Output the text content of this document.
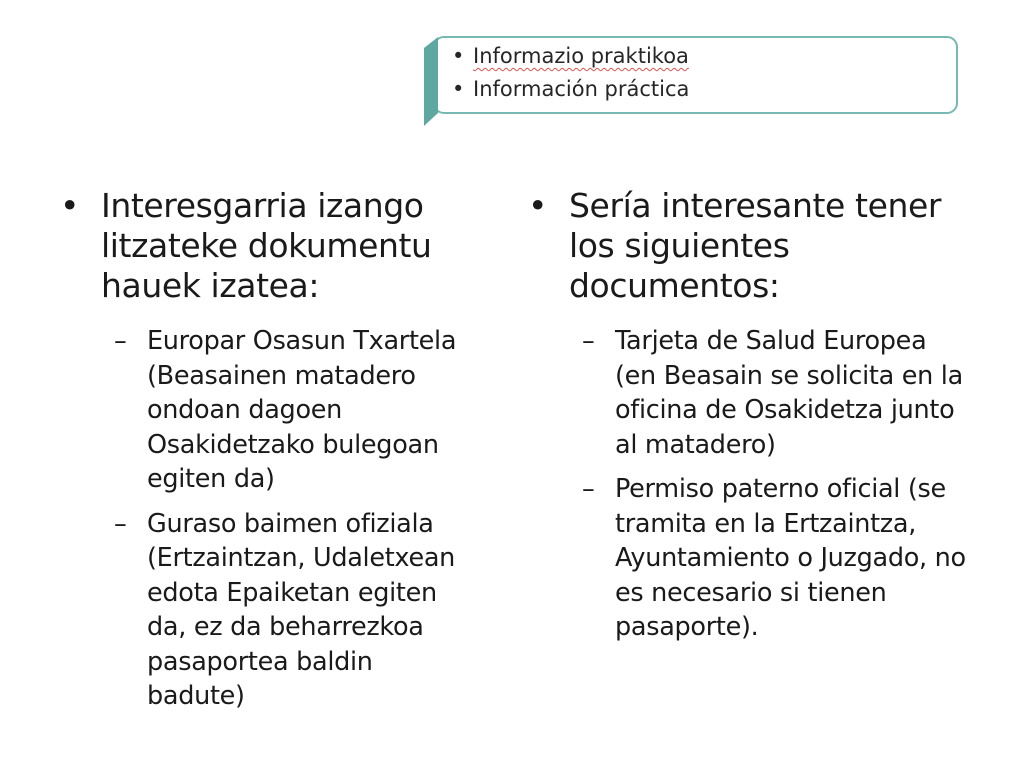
• Informazio praktikoa
• Información práctica
• Interesgarria izango litzateke dokumentu hauek izatea:
– Europar Osasun Txartela (Beasainen matadero ondoan dagoen Osakidetzako bulegoan egiten da)
– Guraso baimen ofiziala (Ertzaintzan, Udaletxean edota Epaiketan egiten da, ez da beharrezkoa pasaportea baldin badute)
• Sería interesante tener los siguientes documentos:
– Tarjeta de Salud Europea (en Beasain se solicita en la oficina de Osakidetza junto al matadero)
– Permiso paterno oficial (se tramita en la Ertzaintza, Ayuntamiento o Juzgado, no es necesario si tienen pasaporte).
